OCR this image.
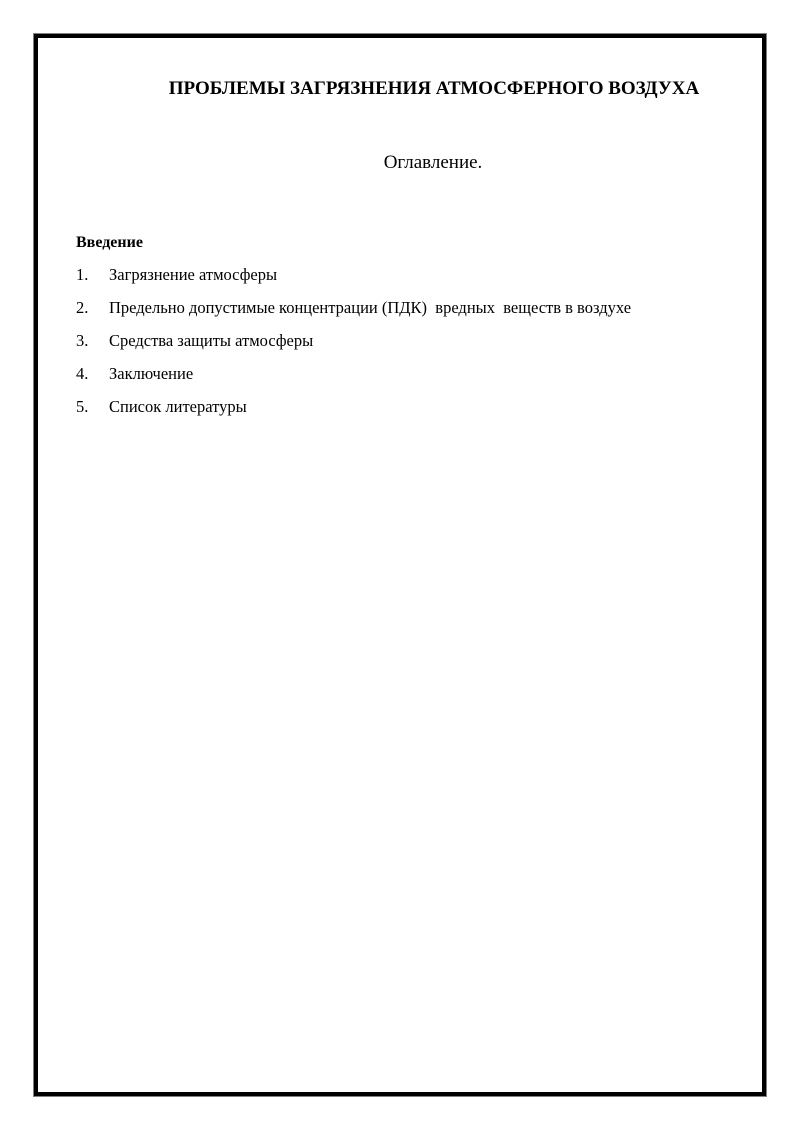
ПРОБЛЕМЫ ЗАГРЯЗНЕНИЯ АТМОСФЕРНОГО ВОЗДУХА
Оглавление.
Введение
1.	Загрязнение атмосферы
2.	Предельно допустимые концентрации (ПДК)  вредных  веществ в воздухе
3.	Средства защиты атмосферы
4.	Заключение
5.	Список литературы
